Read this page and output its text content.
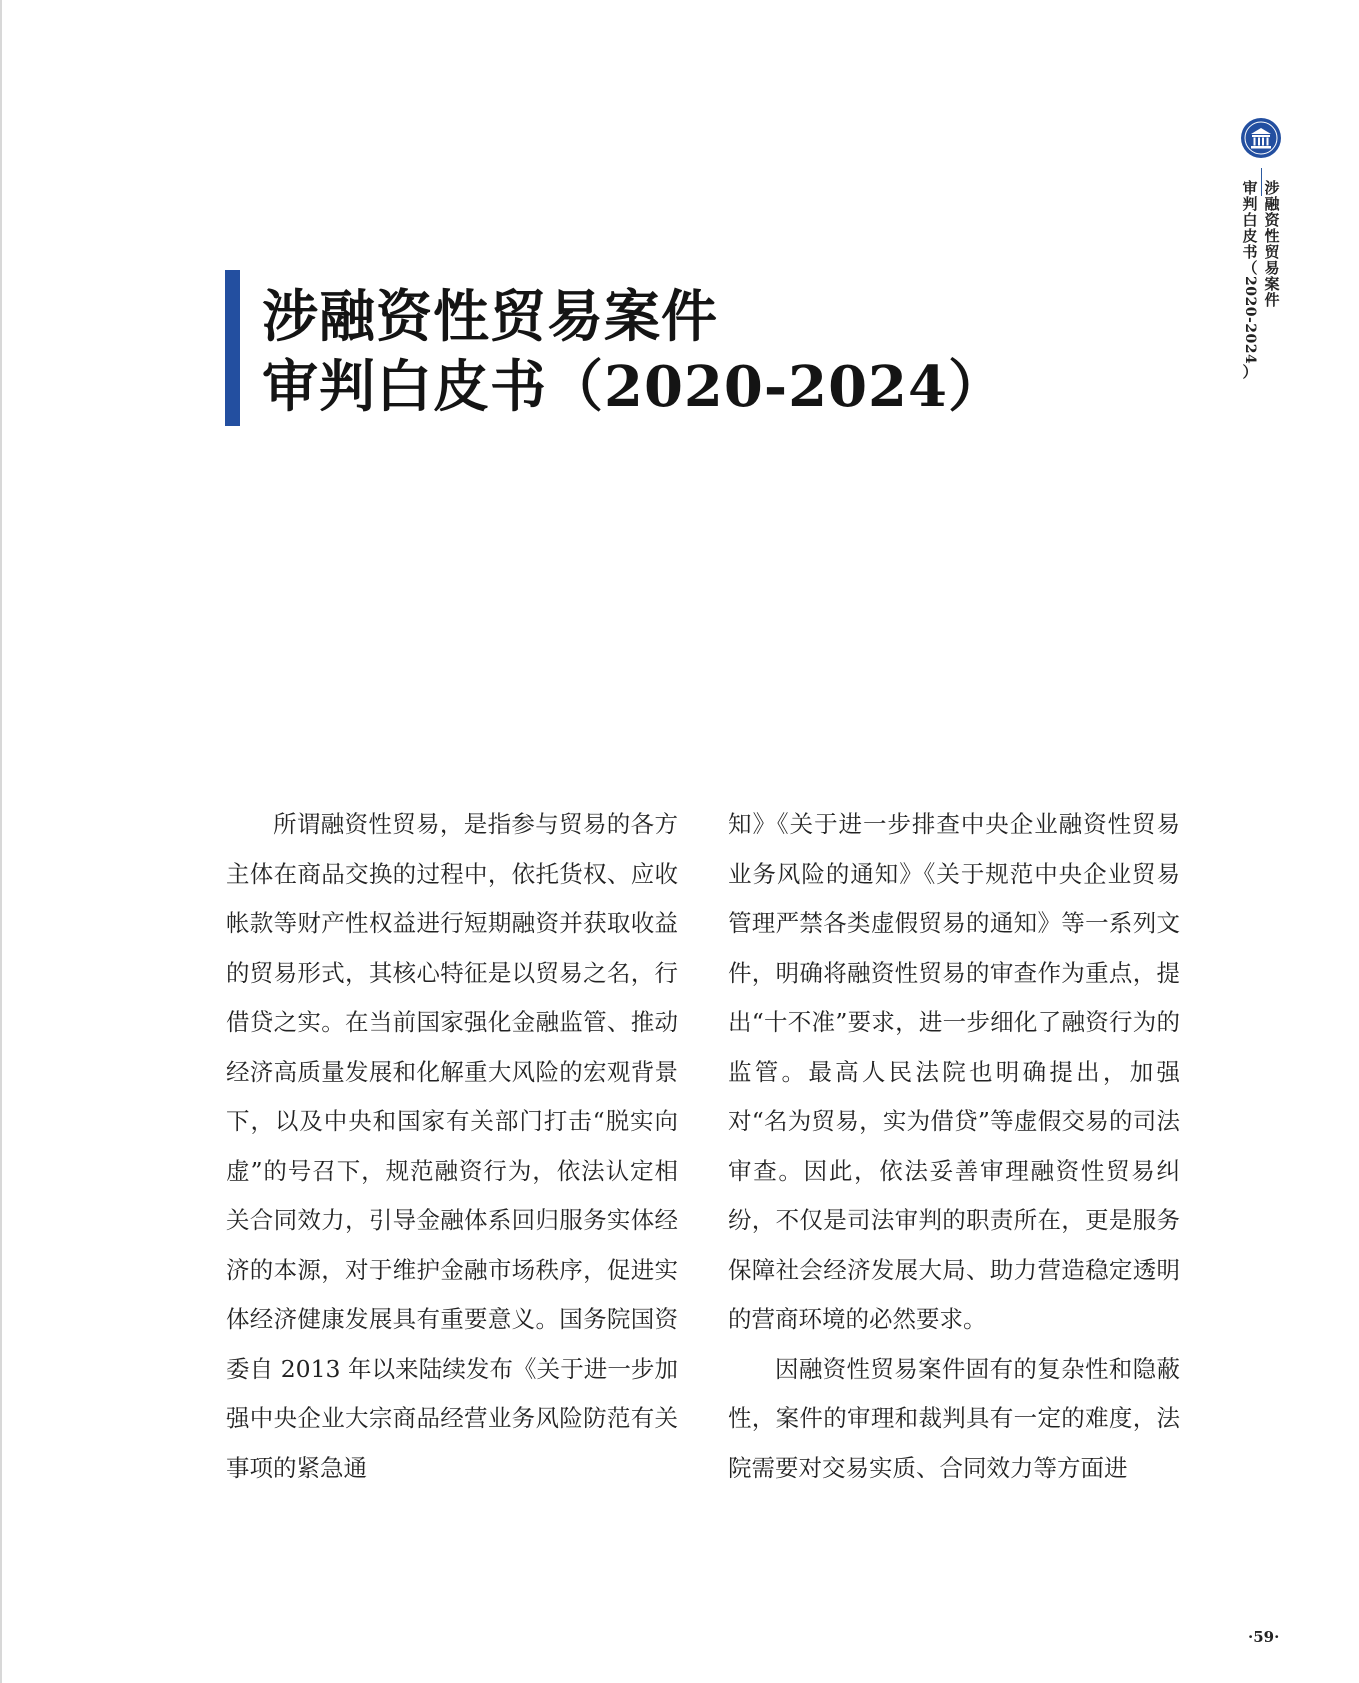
涉融资性贸易案件
审判白皮书（
2020-2024
）
涉融资性贸易案件
审判白皮书（2020-2024）

所谓融资性贸易，是指参与贸易的各方主体在商品交换的过程中，依托货权、应收帐款等财产性权益进行短期融资并获取收益的贸易形式，其核心特征是以贸易之名，行借贷之实。在当前国家强化金融监管、推动经济高质量发展和化解重大风险的宏观背景下，以及中央和国家有关部门打击“脱实向虚”的号召下，规范融资行为，依法认定相关合同效力，引导金融体系回归服务实体经济的本源，对于维护金融市场秩序，促进实体经济健康发展具有重要意义。国务院国资委自 2013 年以来陆续发布《关于进一步加强中央企业大宗商品经营业务风险防范有关事项的紧急通

知》《关于进一步排查中央企业融资性贸易业务风险的通知》《关于规范中央企业贸易管理严禁各类虚假贸易的通知》等一系列文件，明确将融资性贸易的审查作为重点，提出“十不准”要求，进一步细化了融资行为的监管。最高人民法院也明确提出，加强对“名为贸易，实为借贷”等虚假交易的司法审查。因此，依法妥善审理融资性贸易纠纷，不仅是司法审判的职责所在，更是服务保障社会经济发展大局、助力营造稳定透明的营商环境的必然要求。

因融资性贸易案件固有的复杂性和隐蔽性，案件的审理和裁判具有一定的难度，法院需要对交易实质、合同效力等方面进

·59·
